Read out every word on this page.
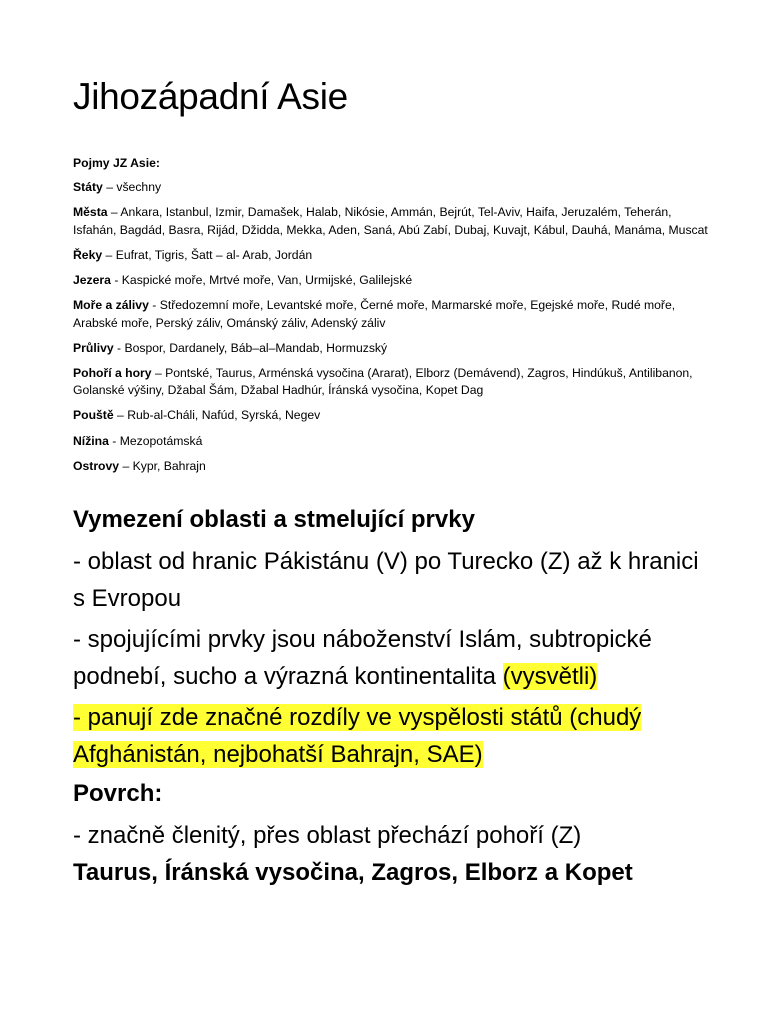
Jihozápadní Asie

Pojmy JZ Asie:

Státy – všechny

Města – Ankara, Istanbul, Izmir, Damašek, Halab, Nikósie, Ammán, Bejrút, Tel-Aviv, Haifa, Jeruzalém, Teherán, Isfahán, Bagdád, Basra, Rijád, Džidda, Mekka, Aden, Saná, Abú Zabí, Dubaj, Kuvajt, Kábul, Dauhá, Manáma, Muscat

Řeky – Eufrat, Tigris, Šatt – al- Arab, Jordán

Jezera - Kaspické moře, Mrtvé moře, Van, Urmijské, Galilejské

Moře a zálivy - Středozemní moře, Levantské moře, Černé moře, Marmarské moře, Egejské moře, Rudé moře, Arabské moře, Perský záliv, Ománský záliv, Adenský záliv

Průlivy - Bospor, Dardanely, Báb–al–Mandab, Hormuzský

Pohoří a hory – Pontské, Taurus, Arménská vysočina (Ararat), Elborz (Demávend), Zagros, Hindúkuš, Antilibanon, Golanské výšiny, Džabal Šám, Džabal Hadhúr, Íránská vysočina, Kopet Dag

Pouště – Rub-al-Cháli, Nafúd, Syrská, Negev

Nížina - Mezopotámská

Ostrovy – Kypr, Bahrajn

Vymezení oblasti a stmelující prvky

- oblast od hranic Pákistánu (V) po Turecko (Z) až k hranici s Evropou

- spojujícími prvky jsou náboženství Islám, subtropické podnebí, sucho a výrazná kontinentalita (vysvětli)

- panují zde značné rozdíly ve vyspělosti států (chudý Afghánistán, nejbohatší Bahrajn, SAE)

Povrch:

- značně členitý, přes oblast přechází pohoří (Z)
Taurus, Íránská vysočina, Zagros, Elborz a Kopet
